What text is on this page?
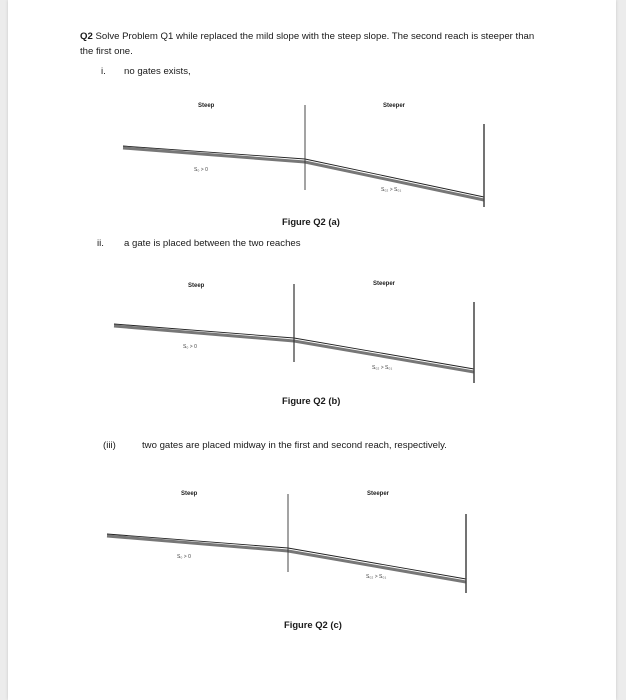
Q2 Solve Problem Q1 while replaced the mild slope with the steep slope. The second reach is steeper than the first one.
i. no gates exists,
Steep	Steeper
S₀ > 0
S₀₂ > S₀₁
Figure Q2 (a)
ii. a gate is placed between the two reaches
Steep	Steeper
S₀ > 0
S₀₂ > S₀₁
Figure Q2 (b)
(iii)	two gates are placed midway in the first and second reach, respectively.
Steep	Steeper
S₀ > 0
S₀₂ > S₀₁
Figure Q2 (c)
